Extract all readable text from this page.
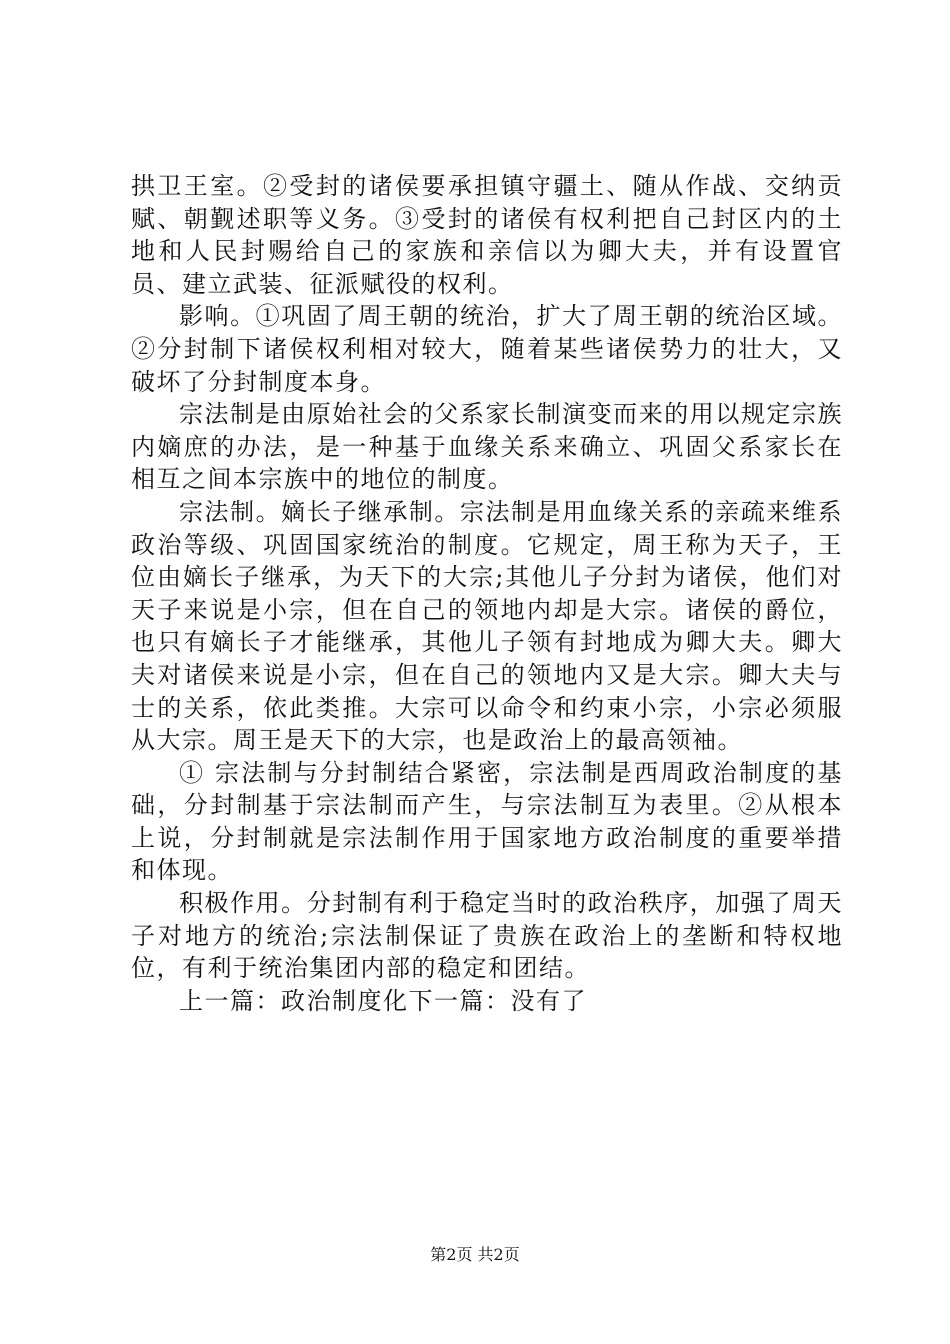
拱卫王室。②受封的诸侯要承担镇守疆土、随从作战、交纳贡赋、朝觐述职等义务。③受封的诸侯有权利把自己封区内的土地和人民封赐给自己的家族和亲信以为卿大夫，并有设置官员、建立武装、征派赋役的权利。

影响。①巩固了周王朝的统治，扩大了周王朝的统治区域。②分封制下诸侯权利相对较大，随着某些诸侯势力的壮大，又破坏了分封制度本身。

宗法制是由原始社会的父系家长制演变而来的用以规定宗族内嫡庶的办法，是一种基于血缘关系来确立、巩固父系家长在相互之间本宗族中的地位的制度。

宗法制。嫡长子继承制。宗法制是用血缘关系的亲疏来维系政治等级、巩固国家统治的制度。它规定，周王称为天子，王位由嫡长子继承，为天下的大宗;其他儿子分封为诸侯，他们对天子来说是小宗，但在自己的领地内却是大宗。诸侯的爵位，也只有嫡长子才能继承，其他儿子领有封地成为卿大夫。卿大夫对诸侯来说是小宗，但在自己的领地内又是大宗。卿大夫与士的关系，依此类推。大宗可以命令和约束小宗，小宗必须服从大宗。周王是天下的大宗，也是政治上的最高领袖。

① 宗法制与分封制结合紧密，宗法制是西周政治制度的基础，分封制基于宗法制而产生，与宗法制互为表里。②从根本上说，分封制就是宗法制作用于国家地方政治制度的重要举措和体现。

积极作用。分封制有利于稳定当时的政治秩序，加强了周天子对地方的统治;宗法制保证了贵族在政治上的垄断和特权地位，有利于统治集团内部的稳定和团结。

上一篇：政治制度化下一篇：没有了

第2页 共2页
